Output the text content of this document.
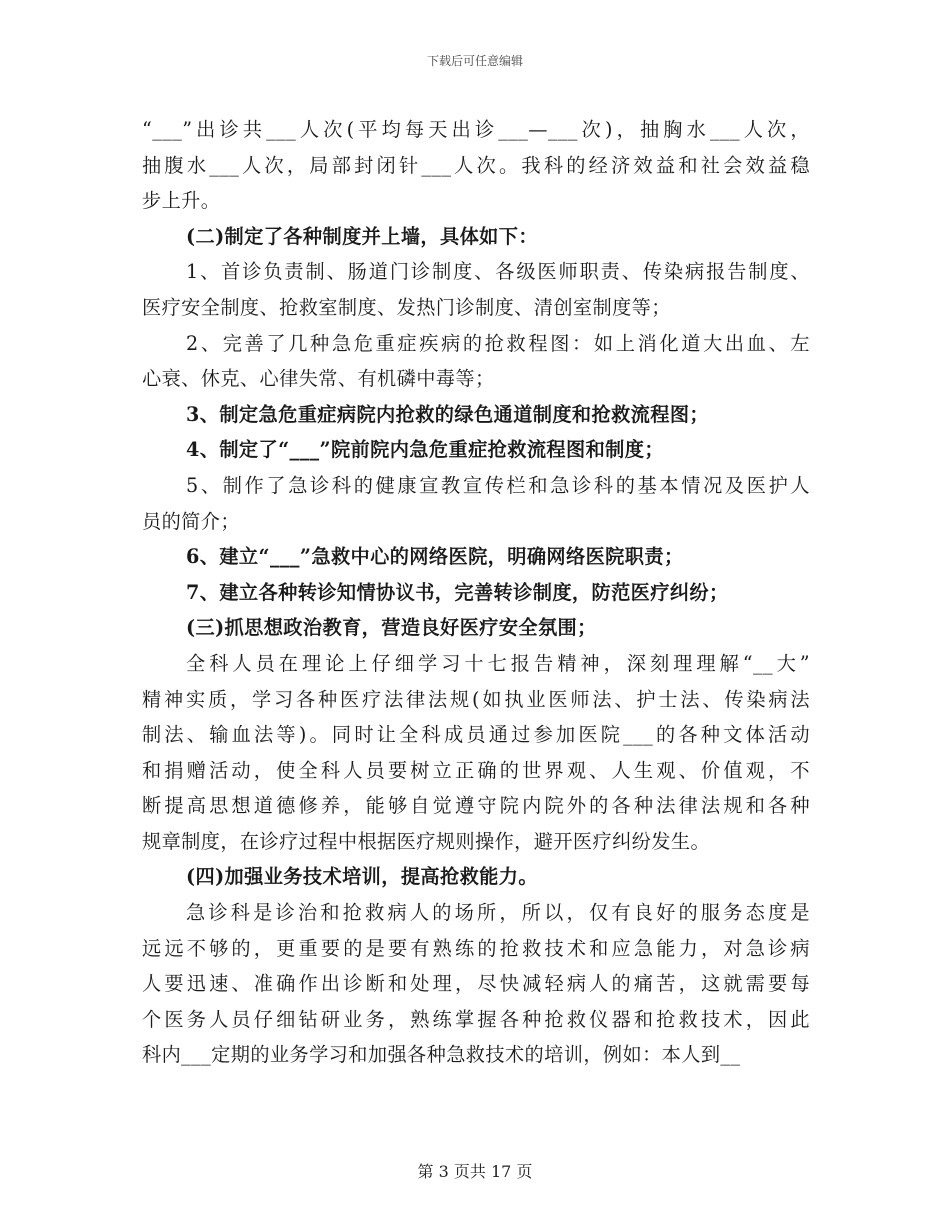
下载后可任意编辑
“___”出诊共___人次(平均每天出诊___—___次)，抽胸水___人次，
抽腹水___人次，局部封闭针___人次。我科的经济效益和社会效益稳
步上升。
(二)制定了各种制度并上墙，具体如下：
1、首诊负责制、肠道门诊制度、各级医师职责、传染病报告制度、
医疗安全制度、抢救室制度、发热门诊制度、清创室制度等；
2、完善了几种急危重症疾病的抢救程图：如上消化道大出血、左
心衰、休克、心律失常、有机磷中毒等；
3、制定急危重症病院内抢救的绿色通道制度和抢救流程图；
4、制定了“___”院前院内急危重症抢救流程图和制度；
5、制作了急诊科的健康宣教宣传栏和急诊科的基本情况及医护人
员的简介；
6、建立“___”急救中心的网络医院，明确网络医院职责；
7、建立各种转诊知情协议书，完善转诊制度，防范医疗纠纷；
(三)抓思想政治教育，营造良好医疗安全氛围；
全科人员在理论上仔细学习十七报告精神，深刻理理解“__大”
精神实质，学习各种医疗法律法规(如执业医师法、护士法、传染病法
制法、输血法等)。同时让全科成员通过参加医院___的各种文体活动
和捐赠活动，使全科人员要树立正确的世界观、人生观、价值观，不
断提高思想道德修养，能够自觉遵守院内院外的各种法律法规和各种
规章制度，在诊疗过程中根据医疗规则操作，避开医疗纠纷发生。
(四)加强业务技术培训，提高抢救能力。
急诊科是诊治和抢救病人的场所，所以，仅有良好的服务态度是
远远不够的，更重要的是要有熟练的抢救技术和应急能力，对急诊病
人要迅速、准确作出诊断和处理，尽快减轻病人的痛苦，这就需要每
个医务人员仔细钻研业务，熟练掌握各种抢救仪器和抢救技术，因此
科内___定期的业务学习和加强各种急救技术的培训，例如：本人到__
第 3 页共 17 页
